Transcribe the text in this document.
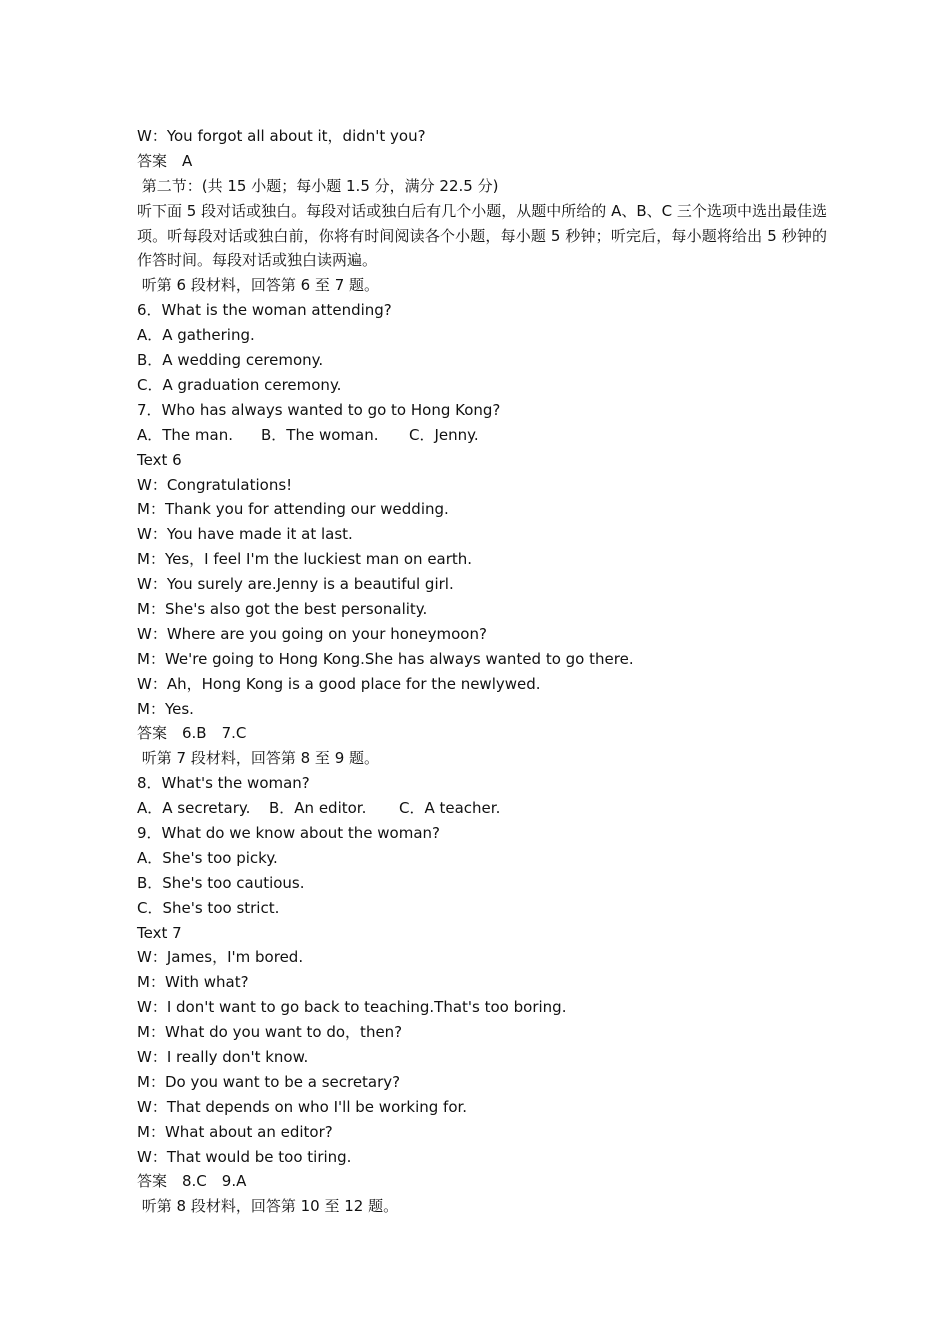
W：You forgot all about it，didn't you?
答案　A
第二节：(共 15 小题；每小题 1.5 分，满分 22.5 分)
听下面 5 段对话或独白。每段对话或独白后有几个小题，从题中所给的 A、B、C 三个选项中选出最佳选项。听每段对话或独白前，你将有时间阅读各个小题，每小题 5 秒钟；听完后，每小题将给出 5 秒钟的作答时间。每段对话或独白读两遍。
听第 6 段材料，回答第 6 至 7 题。
6．What is the woman attending?
A．A gathering.
B．A wedding ceremony.
C．A graduation ceremony.
7．Who has always wanted to go to Hong Kong?
A．The man. B．The woman. C．Jenny.
Text 6
W：Congratulations!
M：Thank you for attending our wedding.
W：You have made it at last.
M：Yes，I feel I'm the luckiest man on earth.
W：You surely are.Jenny is a beautiful girl.
M：She's also got the best personality.
W：Where are you going on your honeymoon?
M：We're going to Hong Kong.She has always wanted to go there.
W：Ah，Hong Kong is a good place for the newlywed.
M：Yes.
答案　6.B　7.C
听第 7 段材料，回答第 8 至 9 题。
8．What's the woman?
A．A secretary. B．An editor. C．A teacher.
9．What do we know about the woman?
A．She's too picky.
B．She's too cautious.
C．She's too strict.
Text 7
W：James，I'm bored.
M：With what?
W：I don't want to go back to teaching.That's too boring.
M：What do you want to do，then?
W：I really don't know.
M：Do you want to be a secretary?
W：That depends on who I'll be working for.
M：What about an editor?
W：That would be too tiring.
答案　8.C　9.A
听第 8 段材料，回答第 10 至 12 题。
